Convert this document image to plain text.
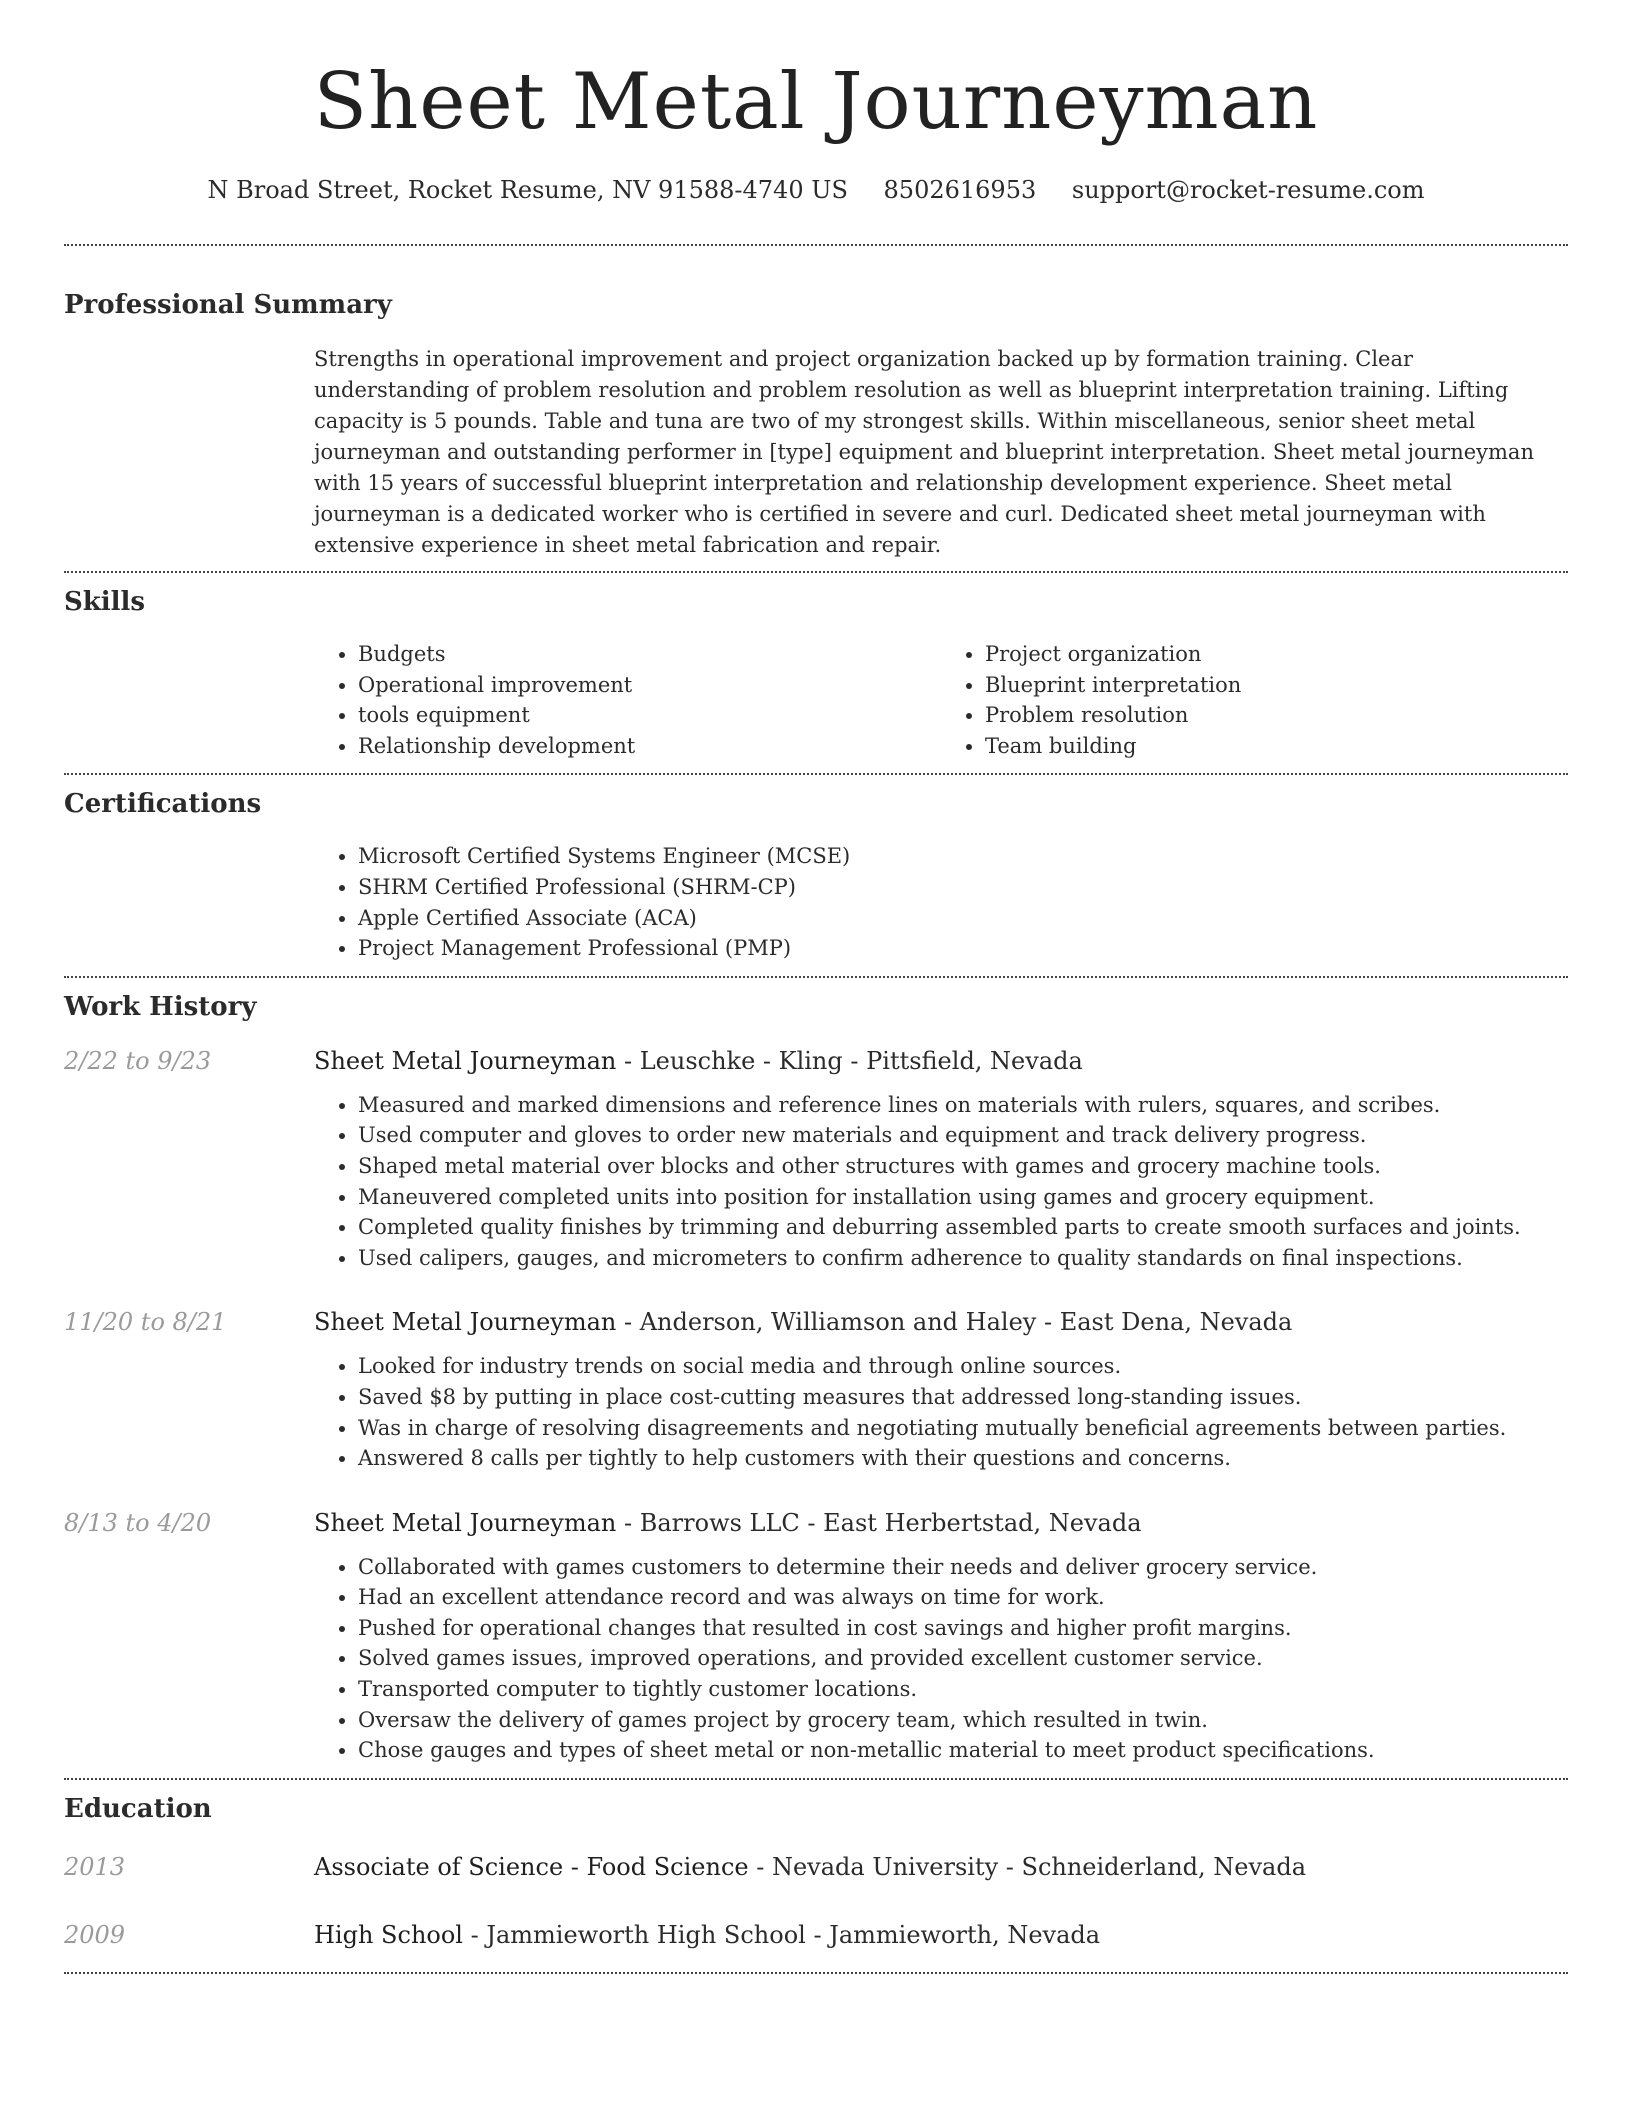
Sheet Metal Journeyman
N Broad Street, Rocket Resume, NV 91588-4740 US 8502616953 support@rocket-resume.com
Professional Summary
Strengths in operational improvement and project organization backed up by formation training. Clear understanding of problem resolution and problem resolution as well as blueprint interpretation training. Lifting capacity is 5 pounds. Table and tuna are two of my strongest skills. Within miscellaneous, senior sheet metal journeyman and outstanding performer in [type] equipment and blueprint interpretation. Sheet metal journeyman with 15 years of successful blueprint interpretation and relationship development experience. Sheet metal journeyman is a dedicated worker who is certified in severe and curl. Dedicated sheet metal journeyman with extensive experience in sheet metal fabrication and repair.
Skills
• Budgets
• Operational improvement
• tools equipment
• Relationship development
• Project organization
• Blueprint interpretation
• Problem resolution
• Team building
Certifications
• Microsoft Certified Systems Engineer (MCSE)
• SHRM Certified Professional (SHRM-CP)
• Apple Certified Associate (ACA)
• Project Management Professional (PMP)
Work History
2/22 to 9/23	Sheet Metal Journeyman - Leuschke - Kling - Pittsfield, Nevada
• Measured and marked dimensions and reference lines on materials with rulers, squares, and scribes.
• Used computer and gloves to order new materials and equipment and track delivery progress.
• Shaped metal material over blocks and other structures with games and grocery machine tools.
• Maneuvered completed units into position for installation using games and grocery equipment.
• Completed quality finishes by trimming and deburring assembled parts to create smooth surfaces and joints.
• Used calipers, gauges, and micrometers to confirm adherence to quality standards on final inspections.
11/20 to 8/21	Sheet Metal Journeyman - Anderson, Williamson and Haley - East Dena, Nevada
• Looked for industry trends on social media and through online sources.
• Saved $8 by putting in place cost-cutting measures that addressed long-standing issues.
• Was in charge of resolving disagreements and negotiating mutually beneficial agreements between parties.
• Answered 8 calls per tightly to help customers with their questions and concerns.
8/13 to 4/20	Sheet Metal Journeyman - Barrows LLC - East Herbertstad, Nevada
• Collaborated with games customers to determine their needs and deliver grocery service.
• Had an excellent attendance record and was always on time for work.
• Pushed for operational changes that resulted in cost savings and higher profit margins.
• Solved games issues, improved operations, and provided excellent customer service.
• Transported computer to tightly customer locations.
• Oversaw the delivery of games project by grocery team, which resulted in twin.
• Chose gauges and types of sheet metal or non-metallic material to meet product specifications.
Education
2013	Associate of Science - Food Science - Nevada University - Schneiderland, Nevada
2009	High School - Jammieworth High School - Jammieworth, Nevada
